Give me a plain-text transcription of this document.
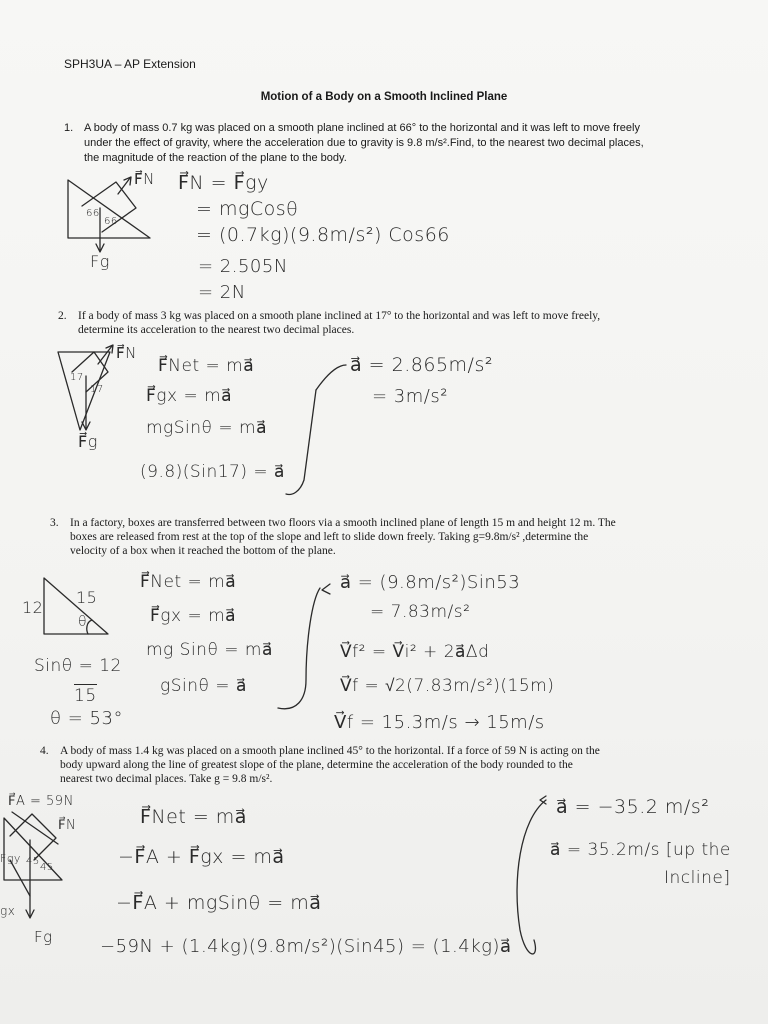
SPH3UA – AP Extension
Motion of a Body on a Smooth Inclined Plane
1. A body of mass 0.7 kg was placed on a smooth plane inclined at 66° to the horizontal and it was left to move freely
under the effect of gravity, where the acceleration due to gravity is 9.8 m/s².Find, to the nearest two decimal places,
the magnitude of the reaction of the plane to the body.
F⃗N
66
66
Fg
F⃗N = F⃗gy
= mgCosθ
= (0.7kg)(9.8m/s²) Cos66
= 2.505N
= 2N
2. If a body of mass 3 kg was placed on a smooth plane inclined at 17° to the horizontal and was left to move freely,
determine its acceleration to the nearest two decimal places.
F⃗N
17
17
F⃗g
F⃗Net = ma⃗
F⃗gx = ma⃗
mgSinθ = ma⃗
(9.8)(Sin17) = a⃗
a⃗ = 2.865m/s²
= 3m/s²
3. In a factory, boxes are transferred between two floors via a smooth inclined plane of length 15 m and height 12 m. The
boxes are released from rest at the top of the slope and left to slide down freely. Taking g=9.8m/s² ,determine the
velocity of a box when it reached the bottom of the plane.
15
12
θ
Sinθ = 12
15
θ = 53°
F⃗Net = ma⃗
F⃗gx = ma⃗
mg Sinθ = ma⃗
gSinθ = a⃗
a⃗ = (9.8m/s²)Sin53
= 7.83m/s²
V⃗f² = V⃗i² + 2a⃗Δd
V⃗f = √2(7.83m/s²)(15m)
V⃗f = 15.3m/s → 15m/s
4. A body of mass 1.4 kg was placed on a smooth plane inclined 45° to the horizontal. If a force of 59 N is acting on the
body upward along the line of greatest slope of the plane, determine the acceleration of the body rounded to the
nearest two decimal places. Take g = 9.8 m/s².
F⃗A = 59N
F⃗N
Fgy 45
45
gx
Fg
F⃗Net = ma⃗
−F⃗A + F⃗gx = ma⃗
−F⃗A + mgSinθ = ma⃗
−59N + (1.4kg)(9.8m/s²)(Sin45) = (1.4kg)a⃗
a⃗ = −35.2 m/s²
a⃗ = 35.2m/s [up the
Incline]
